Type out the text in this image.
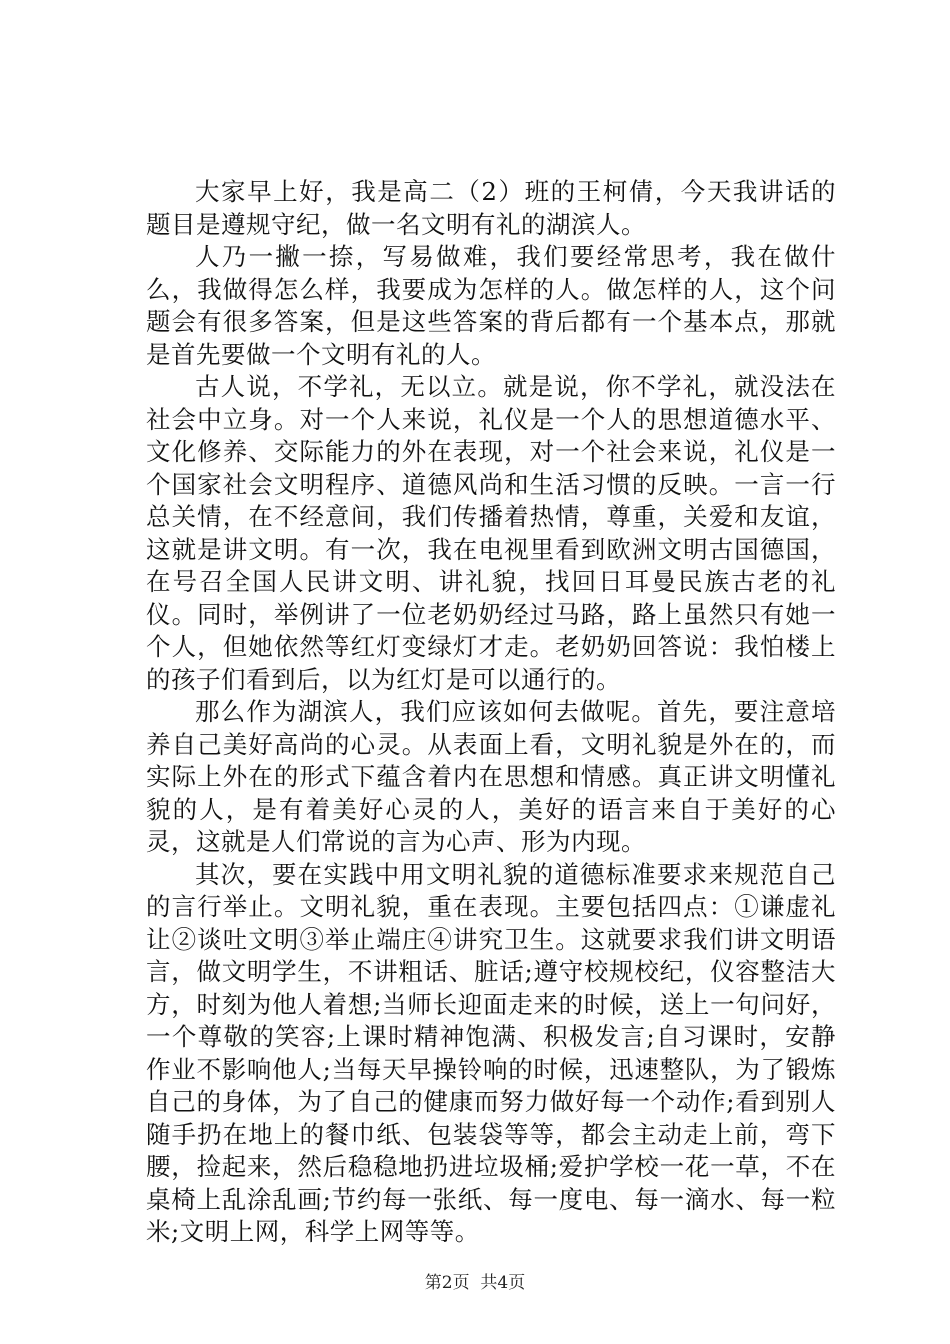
大家早上好，我是高二（2）班的王柯倩，今天我讲话的题目是遵规守纪，做一名文明有礼的湖滨人。

人乃一撇一捺，写易做难，我们要经常思考，我在做什么，我做得怎么样，我要成为怎样的人。做怎样的人，这个问题会有很多答案，但是这些答案的背后都有一个基本点，那就是首先要做一个文明有礼的人。

古人说，不学礼，无以立。就是说，你不学礼，就没法在社会中立身。对一个人来说，礼仪是一个人的思想道德水平、文化修养、交际能力的外在表现，对一个社会来说，礼仪是一个国家社会文明程序、道德风尚和生活习惯的反映。一言一行总关情，在不经意间，我们传播着热情，尊重，关爱和友谊，这就是讲文明。有一次，我在电视里看到欧洲文明古国德国，在号召全国人民讲文明、讲礼貌，找回日耳曼民族古老的礼仪。同时，举例讲了一位老奶奶经过马路，路上虽然只有她一个人，但她依然等红灯变绿灯才走。老奶奶回答说：我怕楼上的孩子们看到后，以为红灯是可以通行的。

那么作为湖滨人，我们应该如何去做呢。首先，要注意培养自己美好高尚的心灵。从表面上看，文明礼貌是外在的，而实际上外在的形式下蕴含着内在思想和情感。真正讲文明懂礼貌的人，是有着美好心灵的人，美好的语言来自于美好的心灵，这就是人们常说的言为心声、形为内现。

其次，要在实践中用文明礼貌的道德标准要求来规范自己的言行举止。文明礼貌，重在表现。主要包括四点：①谦虚礼让②谈吐文明③举止端庄④讲究卫生。这就要求我们讲文明语言，做文明学生，不讲粗话、脏话;遵守校规校纪，仪容整洁大方，时刻为他人着想;当师长迎面走来的时候，送上一句问好，一个尊敬的笑容;上课时精神饱满、积极发言;自习课时，安静作业不影响他人;当每天早操铃响的时候，迅速整队，为了锻炼自己的身体，为了自己的健康而努力做好每一个动作;看到别人随手扔在地上的餐巾纸、包装袋等等，都会主动走上前，弯下腰，捡起来，然后稳稳地扔进垃圾桶;爱护学校一花一草，不在桌椅上乱涂乱画;节约每一张纸、每一度电、每一滴水、每一粒米;文明上网，科学上网等等。

第2页  共4页
